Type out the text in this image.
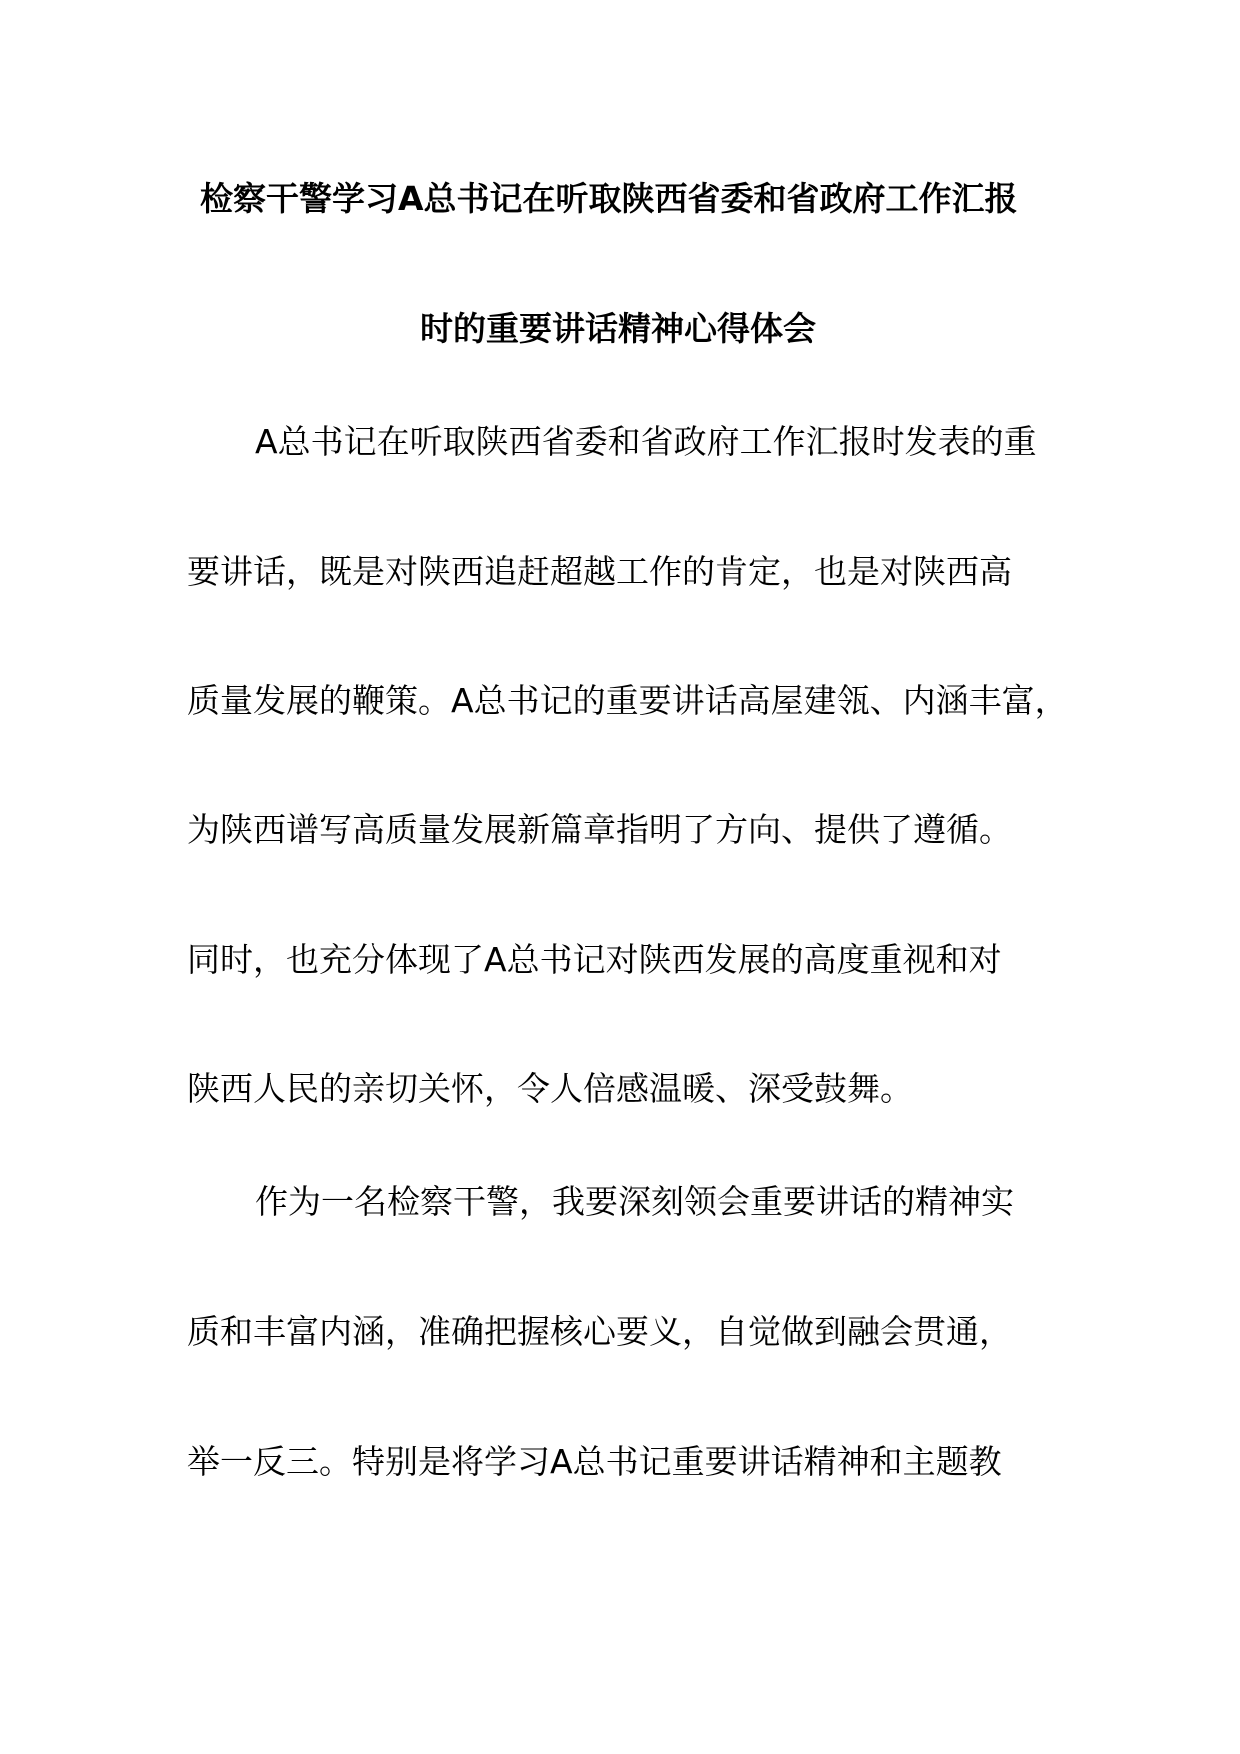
检察干警学习A总书记在听取陕西省委和省政府工作汇报
时的重要讲话精神心得体会
A总书记在听取陕西省委和省政府工作汇报时发表的重
要讲话，既是对陕西追赶超越工作的肯定，也是对陕西高
质量发展的鞭策。A总书记的重要讲话高屋建瓴、内涵丰富，
为陕西谱写高质量发展新篇章指明了方向、提供了遵循。
同时，也充分体现了A总书记对陕西发展的高度重视和对
陕西人民的亲切关怀，令人倍感温暖、深受鼓舞。
作为一名检察干警，我要深刻领会重要讲话的精神实
质和丰富内涵，准确把握核心要义，自觉做到融会贯通，
举一反三。特别是将学习A总书记重要讲话精神和主题教
